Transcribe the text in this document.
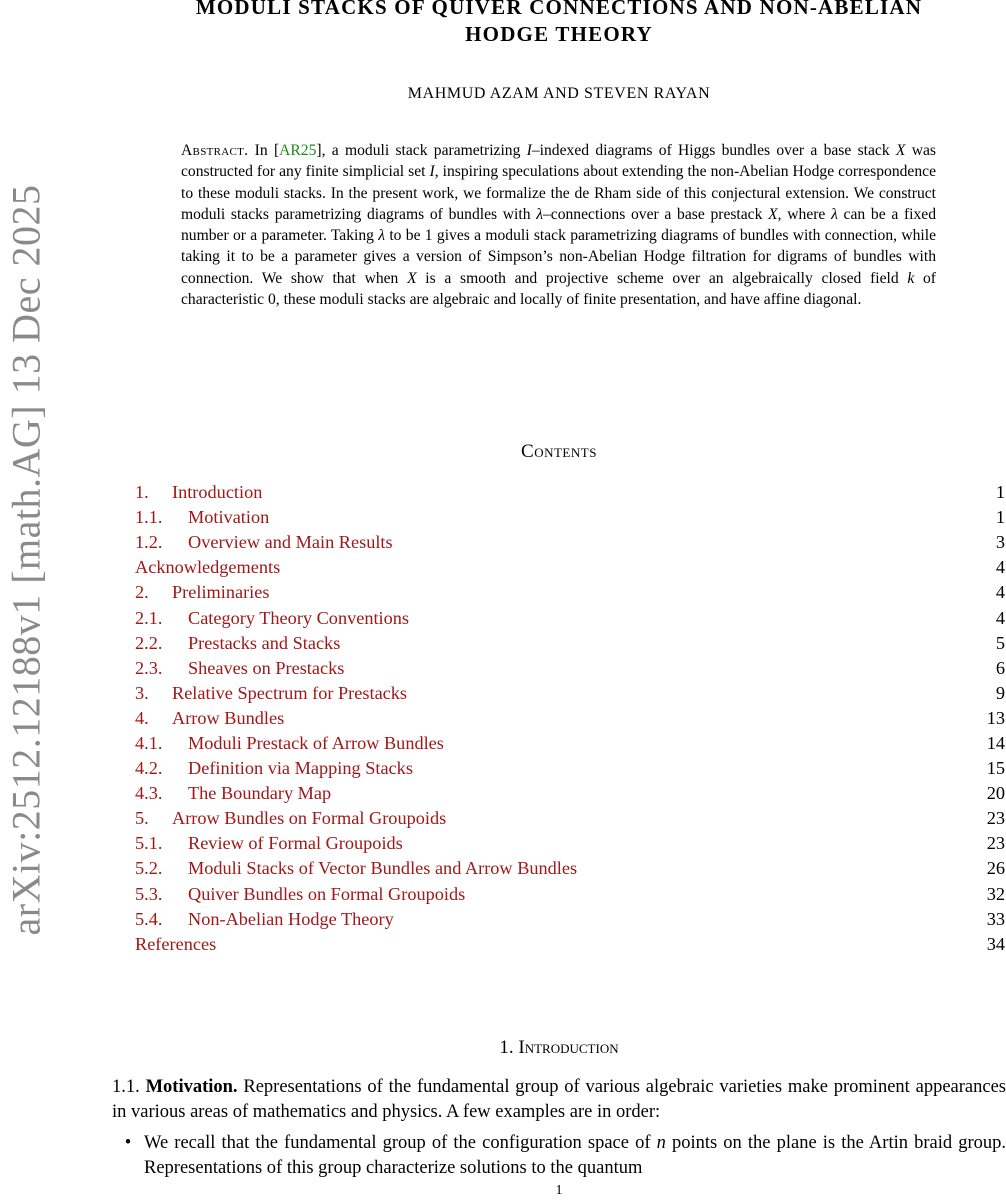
arXiv:2512.12188v1 [math.AG] 13 Dec 2025
MODULI STACKS OF QUIVER CONNECTIONS AND NON-ABELIAN
HODGE THEORY
MAHMUD AZAM AND STEVEN RAYAN
Abstract. In [AR25], a moduli stack parametrizing I–indexed diagrams of Higgs bundles over a base stack X was constructed for any finite simplicial set I, inspiring speculations about extending the non-Abelian Hodge correspondence to these moduli stacks. In the present work, we formalize the de Rham side of this conjectural extension. We construct moduli stacks parametrizing diagrams of bundles with λ–connections over a base prestack X, where λ can be a fixed number or a parameter. Taking λ to be 1 gives a moduli stack parametrizing diagrams of bundles with connection, while taking it to be a parameter gives a version of Simpson’s non-Abelian Hodge filtration for digrams of bundles with connection. We show that when X is a smooth and projective scheme over an algebraically closed field k of characteristic 0, these moduli stacks are algebraic and locally of finite presentation, and have affine diagonal.
Contents
1. Introduction	1
1.1. Motivation	1
1.2. Overview and Main Results	3
Acknowledgements	4
2. Preliminaries	4
2.1. Category Theory Conventions	4
2.2. Prestacks and Stacks	5
2.3. Sheaves on Prestacks	6
3. Relative Spectrum for Prestacks	9
4. Arrow Bundles	13
4.1. Moduli Prestack of Arrow Bundles	14
4.2. Definition via Mapping Stacks	15
4.3. The Boundary Map	20
5. Arrow Bundles on Formal Groupoids	23
5.1. Review of Formal Groupoids	23
5.2. Moduli Stacks of Vector Bundles and Arrow Bundles	26
5.3. Quiver Bundles on Formal Groupoids	32
5.4. Non-Abelian Hodge Theory	33
References	34
1. Introduction

1.1. Motivation. Representations of the fundamental group of various algebraic varieties make prominent appearances in various areas of mathematics and physics. A few examples are in order:

• We recall that the fundamental group of the configuration space of n points on the plane is the Artin braid group. Representations of this group characterize solutions to the quantum
1
